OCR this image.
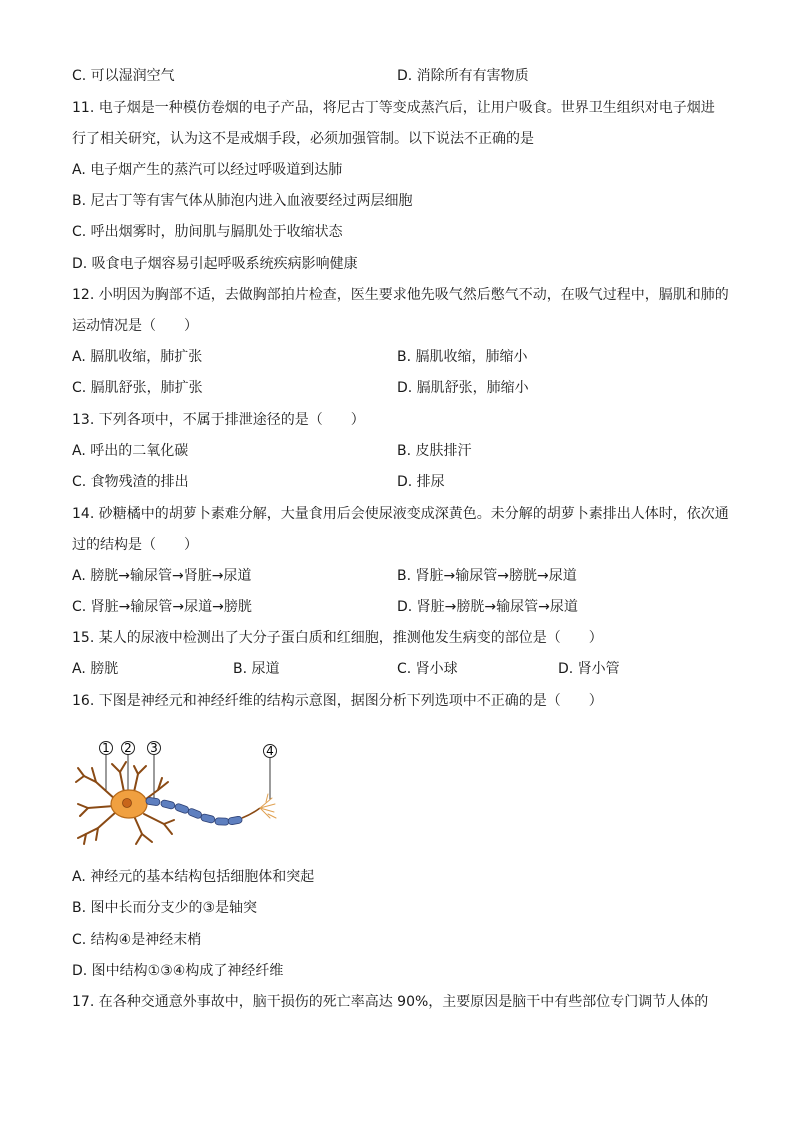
C. 可以湿润空气	D. 消除所有有害物质
11. 电子烟是一种模仿卷烟的电子产品，将尼古丁等变成蒸汽后，让用户吸食。世界卫生组织对电子烟进
行了相关研究，认为这不是戒烟手段，必须加强管制。以下说法不正确的是
A. 电子烟产生的蒸汽可以经过呼吸道到达肺
B. 尼古丁等有害气体从肺泡内进入血液要经过两层细胞
C. 呼出烟雾时，肋间肌与膈肌处于收缩状态
D. 吸食电子烟容易引起呼吸系统疾病影响健康
12. 小明因为胸部不适，去做胸部拍片检查，医生要求他先吸气然后憋气不动，在吸气过程中，膈肌和肺的
运动情况是（　　）
A. 膈肌收缩，肺扩张	B. 膈肌收缩，肺缩小
C. 膈肌舒张，肺扩张	D. 膈肌舒张，肺缩小
13. 下列各项中，不属于排泄途径的是（　　）
A. 呼出的二氧化碳	B. 皮肤排汗
C. 食物残渣的排出	D. 排尿
14. 砂糖橘中的胡萝卜素难分解，大量食用后会使尿液变成深黄色。未分解的胡萝卜素排出人体时，依次通
过的结构是（　　）
A. 膀胱→输尿管→肾脏→尿道	B. 肾脏→输尿管→膀胱→尿道
C. 肾脏→输尿管→尿道→膀胱	D. 肾脏→膀胱→输尿管→尿道
15. 某人的尿液中检测出了大分子蛋白质和红细胞，推测他发生病变的部位是（　　）
A. 膀胱	B. 尿道	C. 肾小球	D. 肾小管
16. 下图是神经元和神经纤维的结构示意图，据图分析下列选项中不正确的是（　　）
1 2 3	4
A. 神经元的基本结构包括细胞体和突起
B. 图中长而分支少的③是轴突
C. 结构④是神经末梢
D. 图中结构①③④构成了神经纤维
17. 在各种交通意外事故中，脑干损伤的死亡率高达 90%，主要原因是脑干中有些部位专门调节人体的
